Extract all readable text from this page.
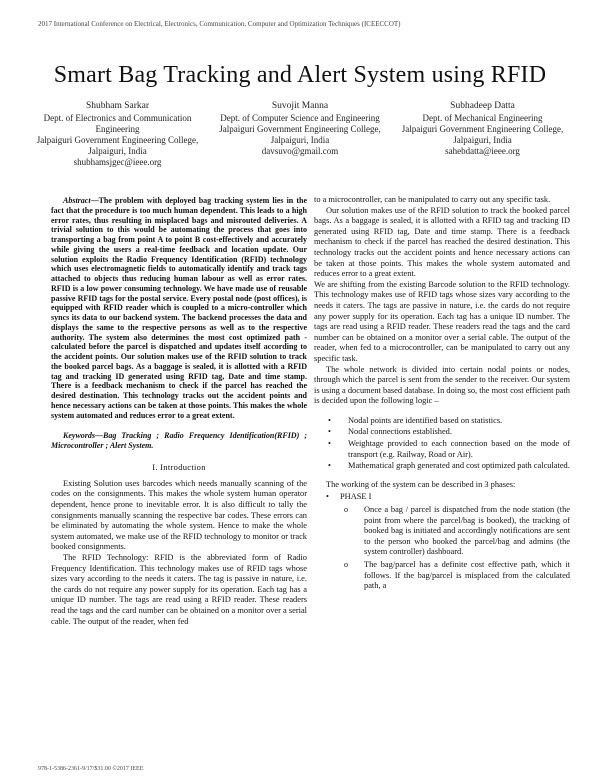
2017 International Conference on Electrical, Electronics, Communication, Computer and Optimization Techniques (ICEECCOT)
Smart Bag Tracking and Alert System using RFID
Shubham Sarkar
Dept. of Electronics and Communication Engineering
Jalpaiguri Government Engineering College,
Jalpaiguri, India
shubhamsjgec@ieee.org
Suvojit Manna
Dept. of Computer Science and Engineering
Jalpaiguri Government Engineering College,
Jalpaiguri, India
davsuvo@gmail.com
Subhadeep Datta
Dept. of Mechanical Engineering
Jalpaiguri Government Engineering College,
Jalpaiguri, India
sahebdatta@ieee.org

Abstract—The problem with deployed bag tracking system lies in the fact that the procedure is too much human dependent. This leads to a high error rates, thus resulting in misplaced bags and misrouted deliveries. A trivial solution to this would be automating the process that goes into transporting a bag from point A to point B cost-effectively and accurately while giving the users a real-time feedback and location update. Our solution exploits the Radio Frequency Identification (RFID) technology which uses electromagnetic fields to automatically identify and track tags attached to objects thus reducing human labour as well as error rates. RFID is a low power consuming technology. We have made use of reusable passive RFID tags for the postal service. Every postal node (post offices), is equipped with RFID reader which is coupled to a micro-controller which syncs its data to our backend system. The backend processes the data and displays the same to the respective persons as well as to the respective authority. The system also determines the most cost optimized path - calculated before the parcel is dispatched and updates itself according to the accident points. Our solution makes use of the RFID solution to track the booked parcel bags. As a baggage is sealed, it is allotted with a RFID tag and tracking ID generated using RFID tag, Date and time stamp. There is a feedback mechanism to check if the parcel has reached the desired destination. This technology tracks out the accident points and hence necessary actions can be taken at those points. This makes the whole system automated and reduces error to a great extent.

Keywords—Bag Tracking ; Radio Frequency Identification(RFID) ; Microcontroller ; Alert System.

I. Introduction

Existing Solution uses barcodes which needs manually scanning of the codes on the consignments. This makes the whole system human operator dependent, hence prone to inevitable error. It is also difficult to tally the consignments manually scanning the respective bar codes. These errors can be eliminated by automating the whole system. Hence to make the whole system automated, we make use of the RFID technology to monitor or track booked consignments.

The RFID Technology: RFID is the abbreviated form of Radio Frequency Identification. This technology makes use of RFID tags whose sizes vary according to the needs it caters. The tag is passive in nature, i.e. the cards do not require any power supply for its operation. Each tag has a unique ID number. The tags are read using a RFID reader. These readers read the tags and the card number can be obtained on a monitor over a serial cable. The output of the reader, when fed

to a microcontroller, can be manipulated to carry out any specific task.

Our solution makes use of the RFID solution to track the booked parcel bags. As a baggage is sealed, it is allotted with a RFID tag and tracking ID generated using RFID tag, Date and time stamp. There is a feedback mechanism to check if the parcel has reached the desired destination. This technology tracks out the accident points and hence necessary actions can be taken at those points. This makes the whole system automated and reduces error to a great extent.

We are shifting from the existing Barcode solution to the RFID technology. This technology makes use of RFID tags whose sizes vary according to the needs it caters. The tags are passive in nature, i.e. the cards do not require any power supply for its operation. Each tag has a unique ID number. The tags are read using a RFID reader. These readers read the tags and the card number can be obtained on a monitor over a serial cable. The output of the reader, when fed to a microcontroller, can be manipulated to carry out any specific task.

The whole network is divided into certain nodal points or nodes, through which the parcel is sent from the sender to the receiver. Our system is using a document based database. In doing so, the most cost efficient path is decided upon the following logic –

• Nodal points are identified based on statistics.
• Nodal connections established.
• Weightage provided to each connection based on the mode of transport (e.g. Railway, Road or Air).
• Mathematical graph generated and cost optimized path calculated.

The working of the system can be described in 3 phases:

• PHASE I
o Once a bag / parcel is dispatched from the node station (the point from where the parcel/bag is booked), the tracking of booked bag is initiated and accordingly notifications are sent to the person who booked the parcel/bag and admins (the system controller) dashboard.
o The bag/parcel has a definite cost effective path, which it follows. If the bag/parcel is misplaced from the calculated path, a
978-1-5386-2361-9/17/$31.00 ©2017 IEEE
